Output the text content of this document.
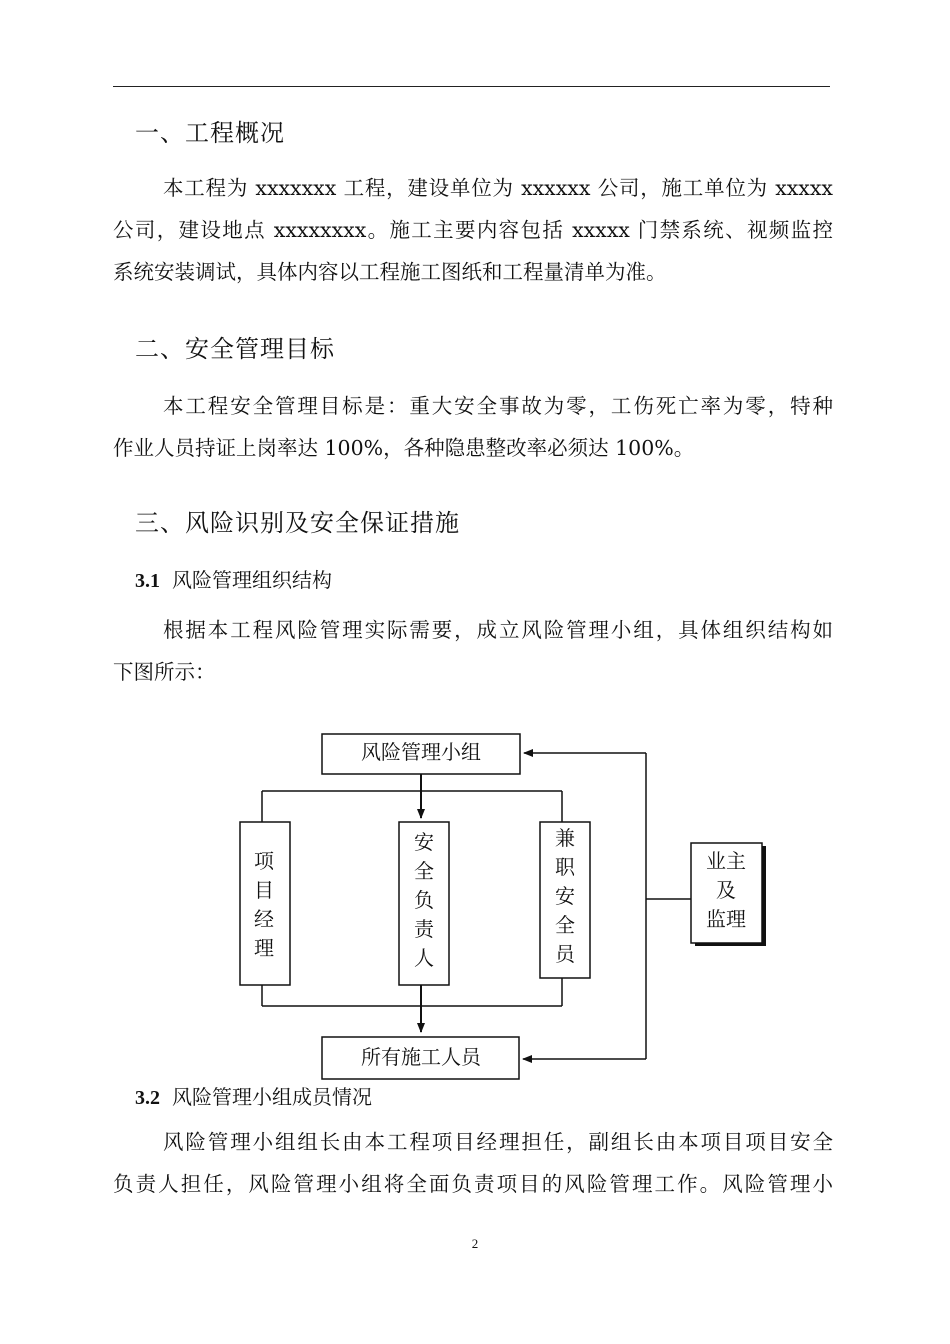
一、工程概况
本工程为 xxxxxxx 工程，建设单位为 xxxxxx 公司，施工单位为 xxxxx
公司，建设地点 xxxxxxxx。施工主要内容包括 xxxxx 门禁系统、视频监控
系统安装调试，具体内容以工程施工图纸和工程量清单为准。
二、安全管理目标
本工程安全管理目标是：重大安全事故为零，工伤死亡率为零，特种
作业人员持证上岗率达 100%，各种隐患整改率必须达 100%。
三、风险识别及安全保证措施
3.1 风险管理组织结构
根据本工程风险管理实际需要，成立风险管理小组，具体组织结构如
下图所示：
风险管理小组
所有施工人员
项
目
经
理
安
全
负
责
人
兼
职
安
全
员
业主
及
监理
3.2 风险管理小组成员情况
风险管理小组组长由本工程项目经理担任，副组长由本项目项目安全
负责人担任，风险管理小组将全面负责项目的风险管理工作。风险管理小
2
